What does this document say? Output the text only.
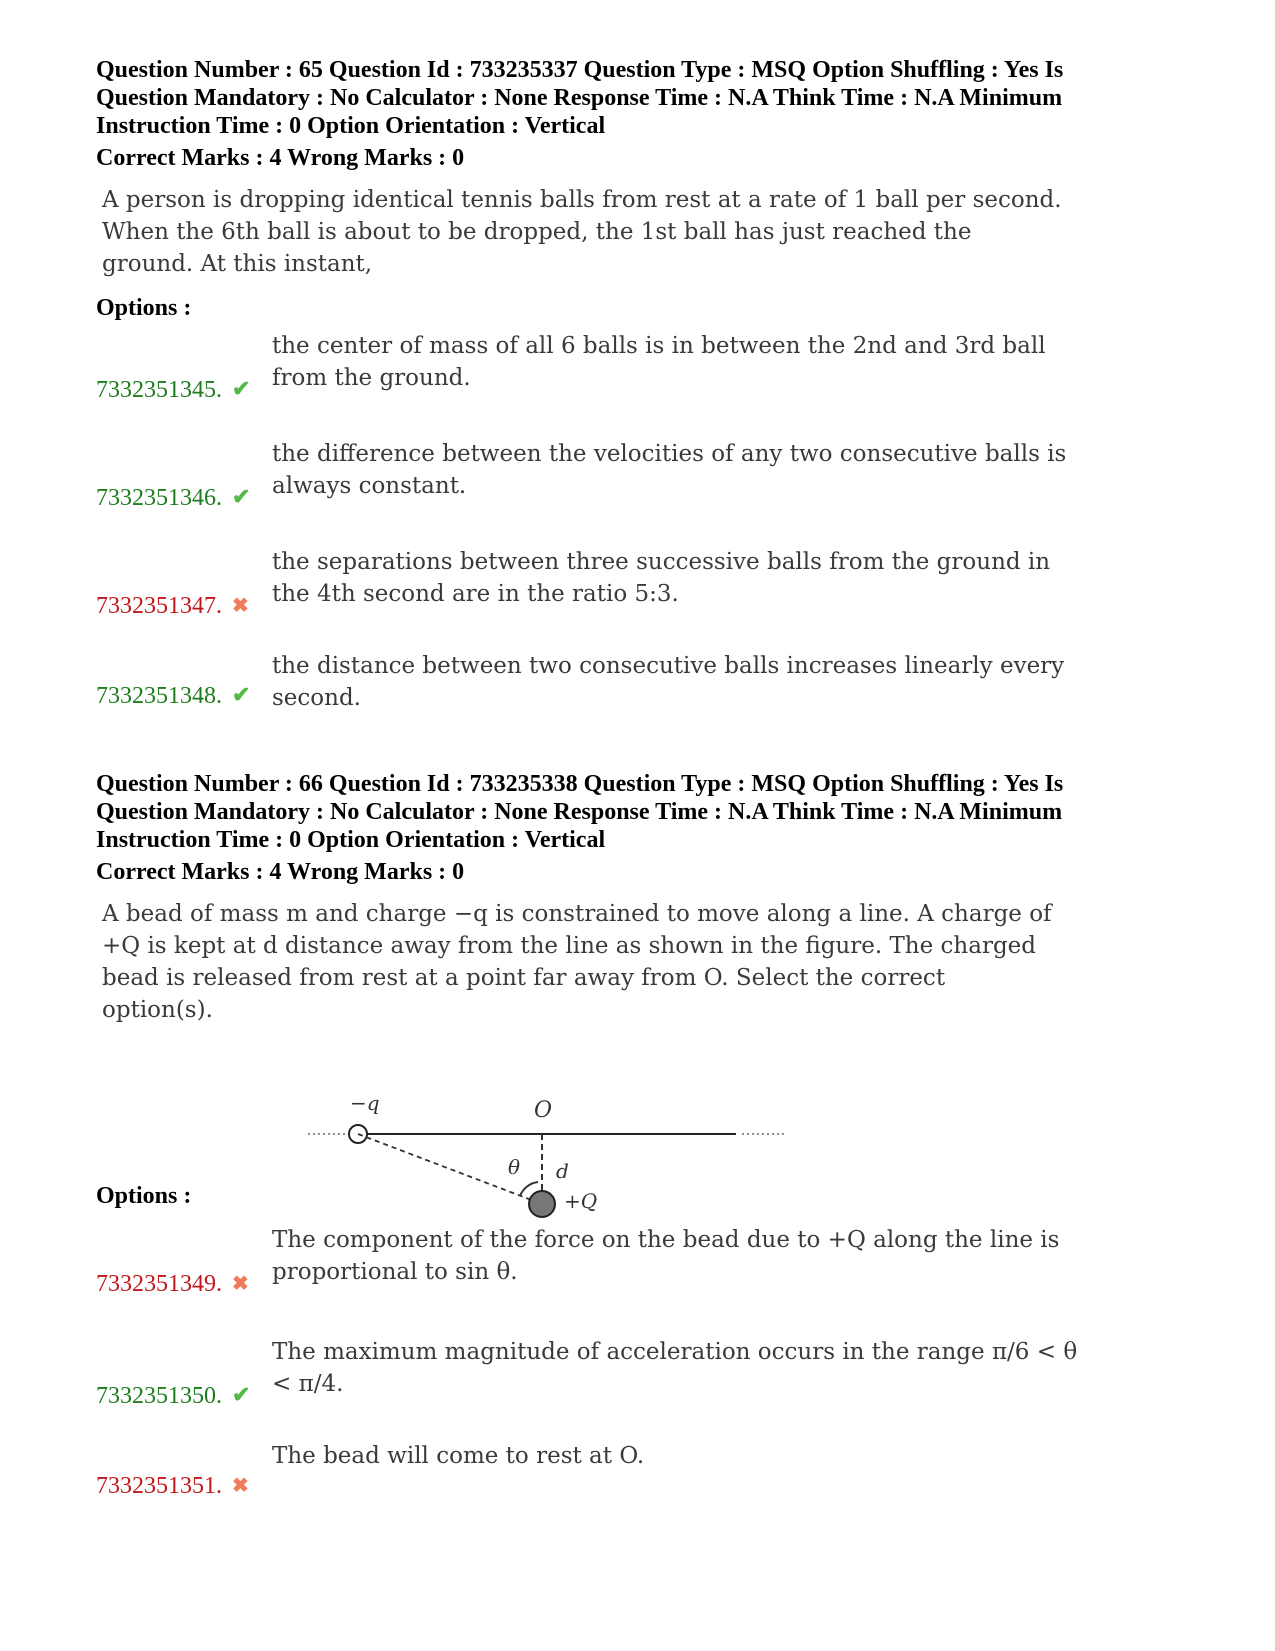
Question Number : 65 Question Id : 733235337 Question Type : MSQ Option Shuffling : Yes Is Question Mandatory : No Calculator : None Response Time : N.A Think Time : N.A Minimum Instruction Time : 0 Option Orientation : Vertical

Correct Marks : 4 Wrong Marks : 0
A person is dropping identical tennis balls from rest at a rate of 1 ball per second. When the 6th ball is about to be dropped, the 1st ball has just reached the ground. At this instant,
Options :
7332351345. ✔
the center of mass of all 6 balls is in between the 2nd and 3rd ball from the ground.
7332351346. ✔
the difference between the velocities of any two consecutive balls is always constant.
7332351347. ✖
the separations between three successive balls from the ground in the 4th second are in the ratio 5:3.
7332351348. ✔
the distance between two consecutive balls increases linearly every second.

Question Number : 66 Question Id : 733235338 Question Type : MSQ Option Shuffling : Yes Is Question Mandatory : No Calculator : None Response Time : N.A Think Time : N.A Minimum Instruction Time : 0 Option Orientation : Vertical

Correct Marks : 4 Wrong Marks : 0
A bead of mass m and charge −q is constrained to move along a line. A charge of +Q is kept at d distance away from the line as shown in the figure. The charged bead is released from rest at a point far away from O. Select the correct option(s).
−q	O
θ d
+Q
Options :
7332351349. ✖
The component of the force on the bead due to +Q along the line is proportional to sin θ.
7332351350. ✔
The maximum magnitude of acceleration occurs in the range π/6 < θ < π/4.
7332351351. ✖
The bead will come to rest at O.
